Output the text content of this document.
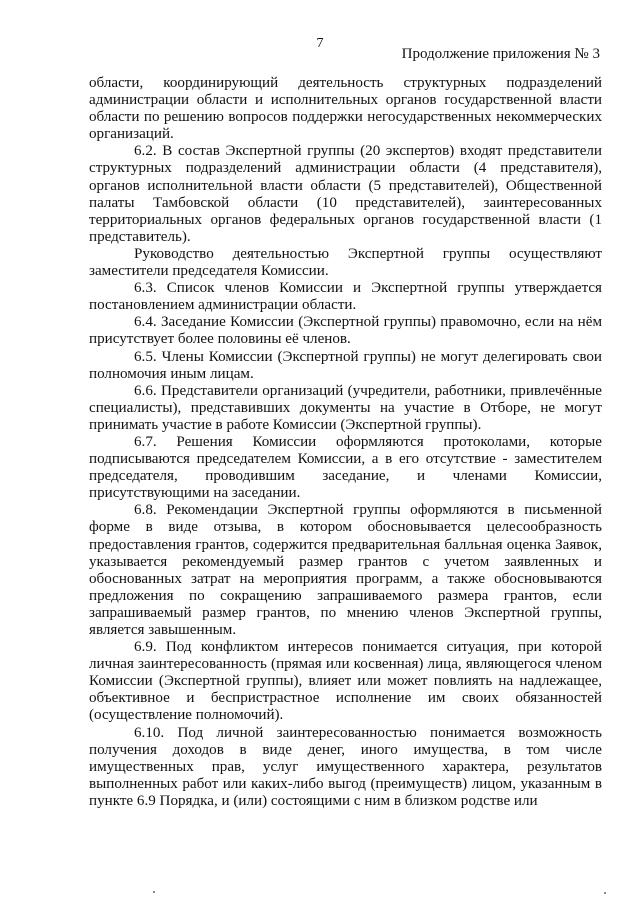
7
Продолжение приложения № 3

области, координирующий деятельность структурных подразделений администрации области и исполнительных органов государственной власти области по решению вопросов поддержки негосударственных некоммерческих организаций.

6.2. В состав Экспертной группы (20 экспертов) входят представители структурных подразделений администрации области (4 представителя), органов исполнительной власти области (5 представителей), Общественной палаты Тамбовской области (10 представителей), заинтересованных территориальных органов федеральных органов государственной власти (1 представитель).

Руководство деятельностью Экспертной группы осуществляют заместители председателя Комиссии.

6.3. Список членов Комиссии и Экспертной группы утверждается постановлением администрации области.

6.4. Заседание Комиссии (Экспертной группы) правомочно, если на нём присутствует более половины её членов.

6.5. Члены Комиссии (Экспертной группы) не могут делегировать свои полномочия иным лицам.

6.6. Представители организаций (учредители, работники, привлечённые специалисты), представивших документы на участие в Отборе, не могут принимать участие в работе Комиссии (Экспертной группы).

6.7. Решения Комиссии оформляются протоколами, которые подписываются председателем Комиссии, а в его отсутствие - заместителем председателя, проводившим заседание, и членами Комиссии, присутствующими на заседании.

6.8. Рекомендации Экспертной группы оформляются в письменной форме в виде отзыва, в котором обосновывается целесообразность предоставления грантов, содержится предварительная балльная оценка Заявок, указывается рекомендуемый размер грантов с учетом заявленных и обоснованных затрат на мероприятия программ, а также обосновываются предложения по сокращению запрашиваемого размера грантов, если запрашиваемый размер грантов, по мнению членов Экспертной группы, является завышенным.

6.9. Под конфликтом интересов понимается ситуация, при которой личная заинтересованность (прямая или косвенная) лица, являющегося членом Комиссии (Экспертной группы), влияет или может повлиять на надлежащее, объективное и беспристрастное исполнение им своих обязанностей (осуществление полномочий).

6.10. Под личной заинтересованностью понимается возможность получения доходов в виде денег, иного имущества, в том числе имущественных прав, услуг имущественного характера, результатов выполненных работ или каких-либо выгод (преимуществ) лицом, указанным в пункте 6.9 Порядка, и (или) состоящими с ним в близком родстве или
